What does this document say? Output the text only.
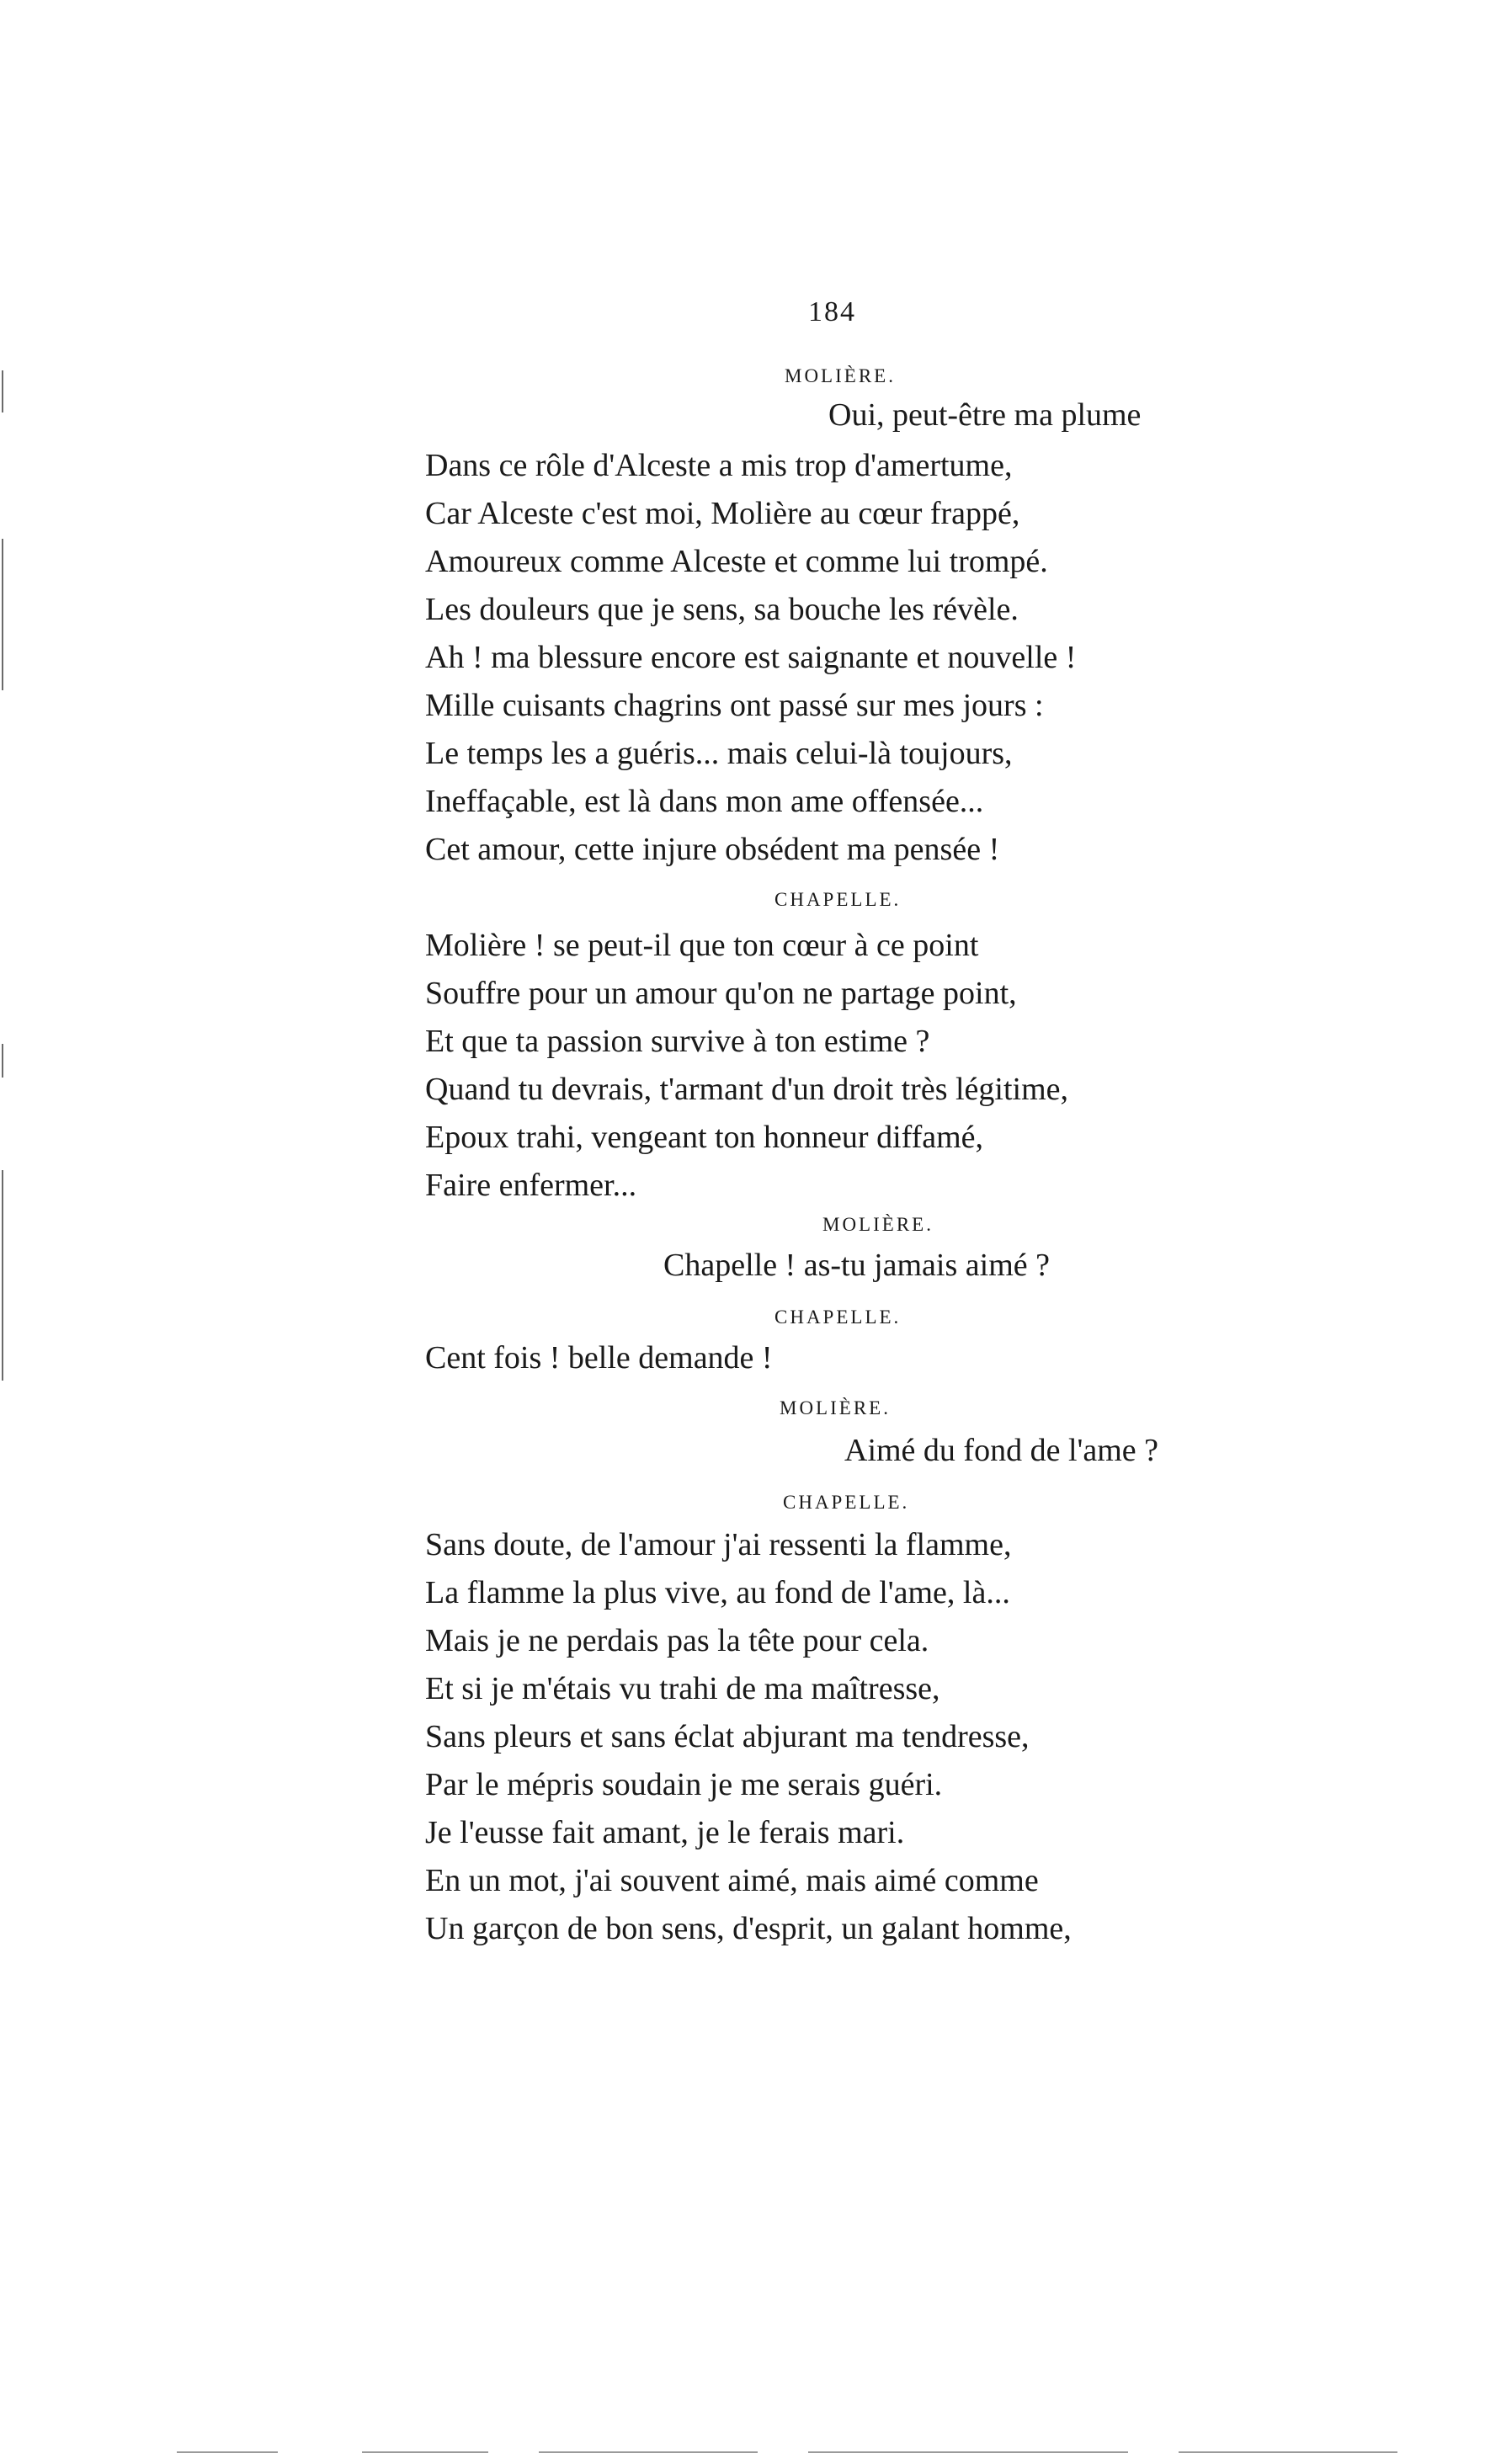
184
MOLIÈRE.
Oui, peut-être ma plume
Dans ce rôle d'Alceste a mis trop d'amertume,
Car Alceste c'est moi, Molière au cœur frappé,
Amoureux comme Alceste et comme lui trompé.
Les douleurs que je sens, sa bouche les révèle.
Ah ! ma blessure encore est saignante et nouvelle !
Mille cuisants chagrins ont passé sur mes jours :
Le temps les a guéris... mais celui-là toujours,
Ineffaçable, est là dans mon ame offensée...
Cet amour, cette injure obsédent ma pensée !
CHAPELLE.
Molière ! se peut-il que ton cœur à ce point
Souffre pour un amour qu'on ne partage point,
Et que ta passion survive à ton estime ?
Quand tu devrais, t'armant d'un droit très légitime,
Epoux trahi, vengeant ton honneur diffamé,
Faire enfermer...
MOLIÈRE.
Chapelle ! as-tu jamais aimé ?
CHAPELLE.
Cent fois ! belle demande !
MOLIÈRE.
Aimé du fond de l'ame ?
CHAPELLE.
Sans doute, de l'amour j'ai ressenti la flamme,
La flamme la plus vive, au fond de l'ame, là...
Mais je ne perdais pas la tête pour cela.
Et si je m'étais vu trahi de ma maîtresse,
Sans pleurs et sans éclat abjurant ma tendresse,
Par le mépris soudain je me serais guéri.
Je l'eusse fait amant, je le ferais mari.
En un mot, j'ai souvent aimé, mais aimé comme
Un garçon de bon sens, d'esprit, un galant homme,
